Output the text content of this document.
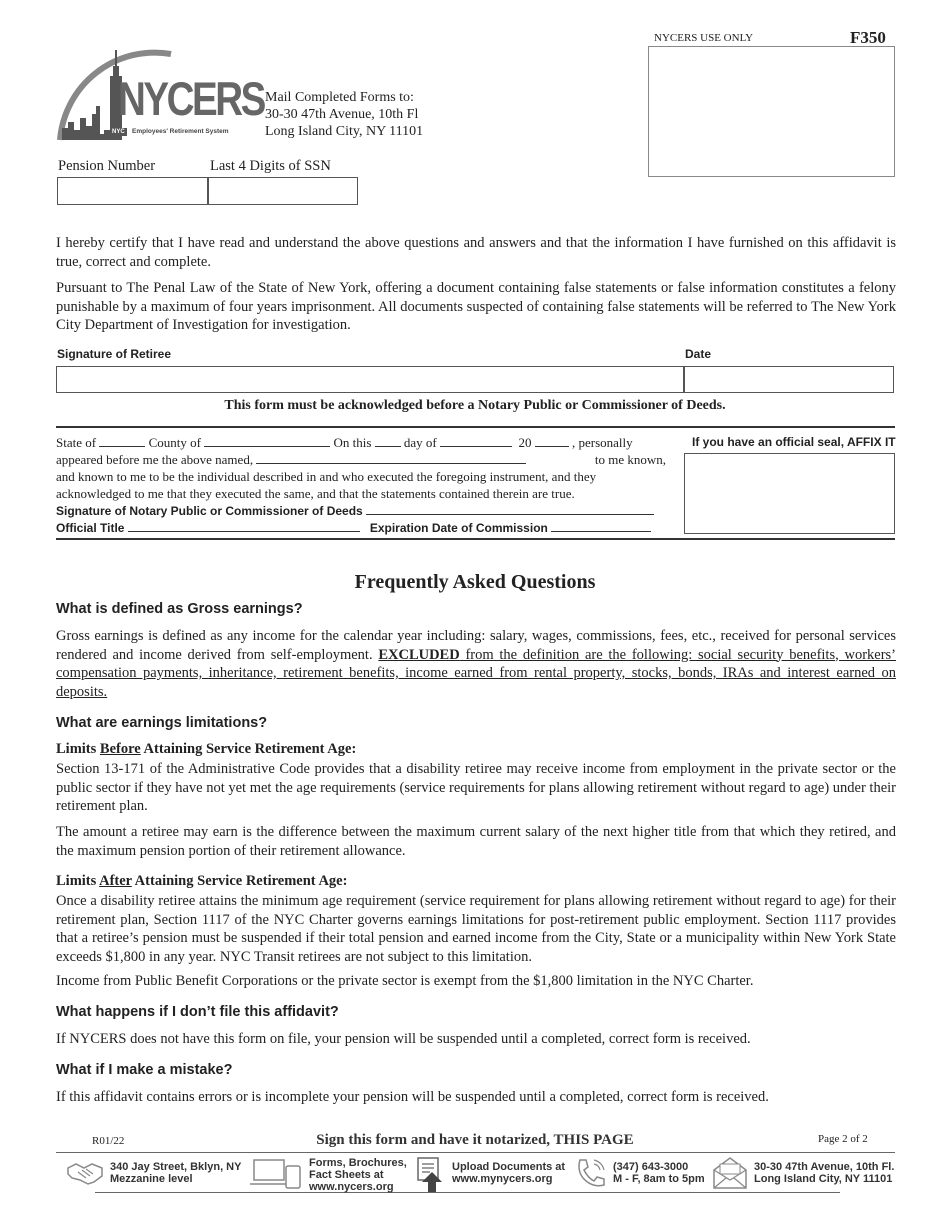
NYCERS
NYC	Employees' Retirement System
Mail Completed Forms to:
30-30 47th Avenue, 10th Fl
Long Island City, NY 11101
NYCERS USE ONLY	F350
Pension Number	Last 4 Digits of SSN

I hereby certify that I have read and understand the above questions and answers and that the information I have furnished on this affidavit is true, correct and complete.

Pursuant to The Penal Law of the State of New York, offering a document containing false statements or false information constitutes a felony punishable by a maximum of four years imprisonment. All documents suspected of containing false statements will be referred to The New York City Department of Investigation for investigation.

Signature of Retiree	Date
This form must be acknowledged before a Notary Public or Commissioner of Deeds.
State of	County of	On this	day of	20	, personally
appeared before me the above named,	to me known,
and known to me to be the individual described in and who executed the foregoing instrument, and they
acknowledged to me that they executed the same, and that the statements contained therein are true.
Signature of Notary Public or Commissioner of Deeds
Official Title	Expiration Date of Commission
If you have an official seal, AFFIX IT
Frequently Asked Questions
What is defined as Gross earnings?

Gross earnings is defined as any income for the calendar year including: salary, wages, commissions, fees, etc., received for personal services rendered and income derived from self-employment. EXCLUDED from the definition are the following: social security benefits, workers’ compensation payments, inheritance, retirement benefits, income earned from rental property, stocks, bonds, IRAs and interest earned on deposits.

What are earnings limitations?
Limits Before Attaining Service Retirement Age:

Section 13-171 of the Administrative Code provides that a disability retiree may receive income from employment in the private sector or the public sector if they have not yet met the age requirements (service requirements for plans allowing retirement without regard to age) under their retirement plan.

The amount a retiree may earn is the difference between the maximum current salary of the next higher title from that which they retired, and the maximum pension portion of their retirement allowance.

Limits After Attaining Service Retirement Age:

Once a disability retiree attains the minimum age requirement (service requirement for plans allowing retirement without regard to age) for their retirement plan, Section 1117 of the NYC Charter governs earnings limitations for post-retirement public employment. Section 1117 provides that a retiree’s pension must be suspended if their total pension and earned income from the City, State or a municipality within New York State exceeds $1,800 in any year. NYC Transit retirees are not subject to this limitation.

Income from Public Benefit Corporations or the private sector is exempt from the $1,800 limitation in the NYC Charter.

What happens if I don’t file this affidavit?

If NYCERS does not have this form on file, your pension will be suspended until a completed, correct form is received.

What if I make a mistake?

If this affidavit contains errors or is incomplete your pension will be suspended until a completed, correct form is received.

R01/22	Sign this form and have it notarized, THIS PAGE	Page 2 of 2
340 Jay Street, Bklyn, NY
Mezzanine level
Forms, Brochures,
Fact Sheets at
www.nycers.org
Upload Documents at
www.mynycers.org
(347) 643-3000
M - F, 8am to 5pm
30-30 47th Avenue, 10th Fl.
Long Island City, NY 11101
